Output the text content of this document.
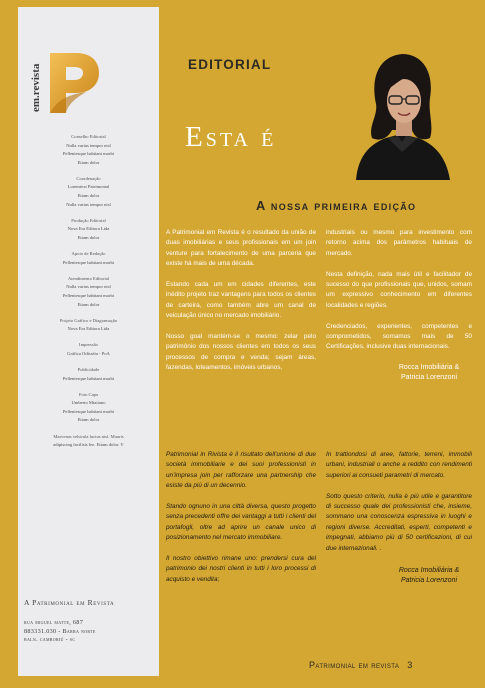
em.revista
Conselho Editorial
Nulla varius tempor nisl
Pellentesque habitant morbi
Etiam dolor
Coordenação
Loremtext Patrimonial
Etiam dolor
Nulla varius tempor nisl
Produção Editorial
Nova Era Editora Ltda
Etiam dolor
Apoio de Redação
Pellentesque habitant morbi
Atendimento Editorial
Nulla varius tempor nisl
Pellentesque habitant morbi
Etiam dolor
Projeto Gráfico e Diagramação
Nova Era Editora Ltda
Impressão
Gráfica Odisséia - PoA
Publicidade
Pellentesque habitant morbi
Foto Capa
Umberto Miatiano
Pellentesque habitant morbi
Etiam dolor
Maecenas vehicula luctus nisl. Mauris
adipiscing facilisis leo. Etiam dolor. V
A Patrimonial em Revista
rua miguel matte, 687
883331.030 - Barra norte
baln. camboriú - sc
EDITORIAL
Esta é
A nossa primeira edição

A Patrimonial em Revista é o resultado da união de duas imobiliárias e seus profissionais em um join venture para fortalecimento de uma parceria que existe há mais de uma década.

Estando cada um em cidades diferentes, este inédito projeto traz vantagens para todos os clientes de carteira, como também abre um canal de veiculação único no mercado imobiliário.

Nosso goal mantém-se o mesmo: zelar pelo patrimônio dos nossos clientes em todos os seus processos de compra e venda; sejam áreas, fazendas, loteamentos, imóveis urbanos,

industriais ou mesmo para investimento com retorno acima dos parâmetros habituais de mercado.

Nesta definição, nada mais útil e facilitador de sucesso do que profissionais que, unidos, somam um expressivo conhecimento em diferentes localidades e regiões.

Credenciados, experientes, competentes e comprometidos, somamos mais de 50 Certificações, inclusive duas internacionais.

Rocca Imobiliária &
Patricia Lorenzoni

Patrimonial in Rivista è il risultato dell'unione di due società immobiliarie e dei suoi professionisti in un'impresa join per rafforzare una partnership che esiste da più di un decennio.

Stando ognuno in una città diversa, questo progetto senza precedenti offre dei vantaggi a tutti i clienti del portafogli, oltre ad aprire un canale unico di posizionamento nel mercato immobiliare.

Il nostro obiettivo rimane uno: prendersi cura del patrimonio dei nostri clienti in tutti i loro processi di acquisto e vendita;

In trattiondosi di aree, fattorie, terreni, immobili urbani, industriali o anche a reddito con rendimenti superiori ai consueti parametri di mercato.

Sotto questo criterio, nulla è più utile e garantitore di successo quale dei professionisti che, insieme, sommano una conoscenza espressiva in luoghi e regioni diverse. Accreditati, esperti, competenti e impegnati, abbiamo più di 50 certificazioni, di cui due internazionali. .

Rocca Imobiliária &
Patricia Lorenzoni
Patrimonial em revista 3
